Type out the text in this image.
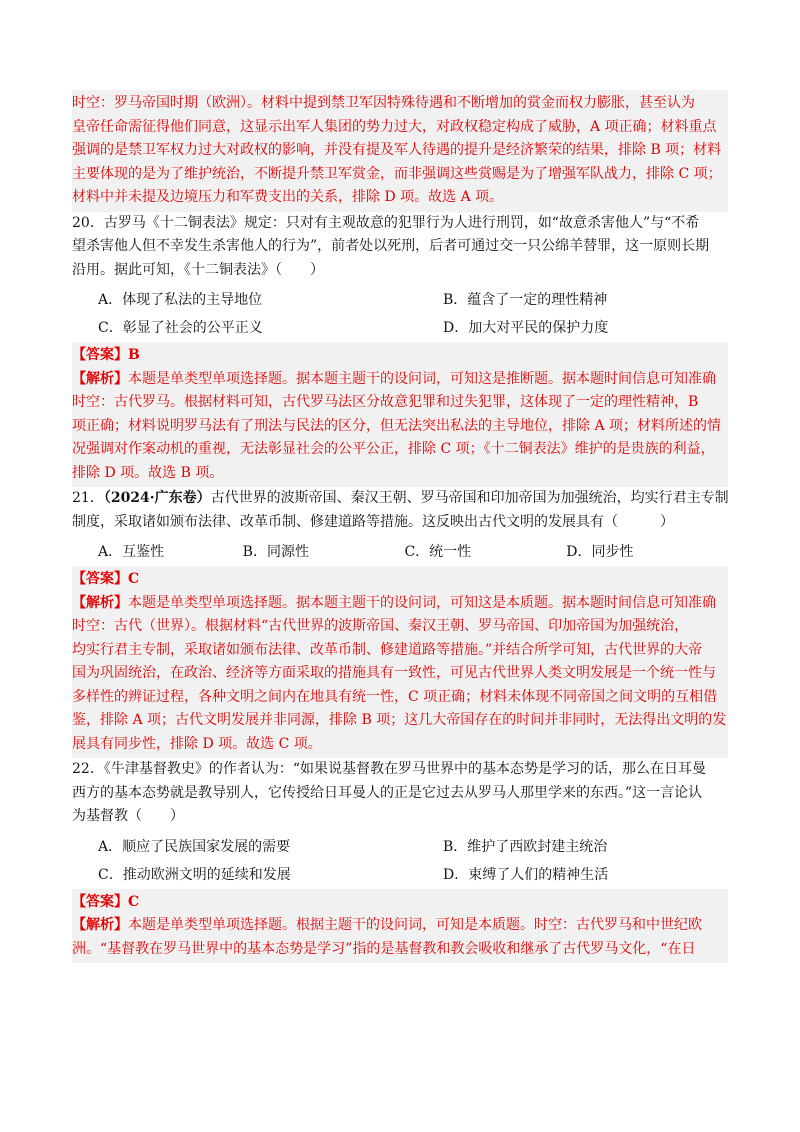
时空：罗马帝国时期（欧洲）。材料中提到禁卫军因特殊待遇和不断增加的赏金而权力膨胀，甚至认为
皇帝任命需征得他们同意，这显示出军人集团的势力过大，对政权稳定构成了威胁，A 项正确；材料重点
强调的是禁卫军权力过大对政权的影响，并没有提及军人待遇的提升是经济繁荣的结果，排除 B 项；材料
主要体现的是为了维护统治，不断提升禁卫军赏金，而非强调这些赏赐是为了增强军队战力，排除 C 项；
材料中并未提及边境压力和军费支出的关系，排除 D 项。故选 A 项。
20．古罗马《十二铜表法》规定：只对有主观故意的犯罪行为人进行刑罚，如“故意杀害他人”与“不希
望杀害他人但不幸发生杀害他人的行为”，前者处以死刑，后者可通过交一只公绵羊替罪，这一原则长期
沿用。据此可知，《十二铜表法》（　　）
A．体现了私法的主导地位	B．蕴含了一定的理性精神
C．彰显了社会的公平正义	D．加大对平民的保护力度
【答案】B
【解析】本题是单类型单项选择题。据本题主题干的设问词，可知这是推断题。据本题时间信息可知准确
时空：古代罗马。根据材料可知，古代罗马法区分故意犯罪和过失犯罪，这体现了一定的理性精神，B
项正确；材料说明罗马法有了刑法与民法的区分，但无法突出私法的主导地位，排除 A 项；材料所述的情
况强调对作案动机的重视，无法彰显社会的公平公正，排除 C 项；《十二铜表法》维护的是贵族的利益，
排除 D 项。故选 B 项。
21．（2024·广东卷）古代世界的波斯帝国、秦汉王朝、罗马帝国和印加帝国为加强统治，均实行君主专制
制度，采取诸如颁布法律、改革币制、修建道路等措施。这反映出古代文明的发展具有（　　　）
A．互鉴性	B．同源性	C．统一性	D．同步性
【答案】C
【解析】本题是单类型单项选择题。据本题主题干的设问词，可知这是本质题。据本题时间信息可知准确
时空：古代（世界）。根据材料“古代世界的波斯帝国、秦汉王朝、罗马帝国、印加帝国为加强统治，
均实行君主专制，采取诸如颁布法律、改革币制、修建道路等措施。”并结合所学可知，古代世界的大帝
国为巩固统治，在政治、经济等方面采取的措施具有一致性，可见古代世界人类文明发展是一个统一性与
多样性的辨证过程，各种文明之间内在地具有统一性，C 项正确；材料未体现不同帝国之间文明的互相借
鉴，排除 A 项；古代文明发展并非同源，排除 B 项；这几大帝国存在的时间并非同时，无法得出文明的发
展具有同步性，排除 D 项。故选 C 项。
22．《牛津基督教史》的作者认为：“如果说基督教在罗马世界中的基本态势是学习的话，那么在日耳曼
西方的基本态势就是教导别人，它传授给日耳曼人的正是它过去从罗马人那里学来的东西。”这一言论认
为基督教（　　）
A．顺应了民族国家发展的需要	B．维护了西欧封建主统治
C．推动欧洲文明的延续和发展	D．束缚了人们的精神生活
【答案】C
【解析】本题是单类型单项选择题。根据主题干的设问词，可知是本质题。时空：古代罗马和中世纪欧
洲。“基督教在罗马世界中的基本态势是学习”指的是基督教和教会吸收和继承了古代罗马文化，“在日
